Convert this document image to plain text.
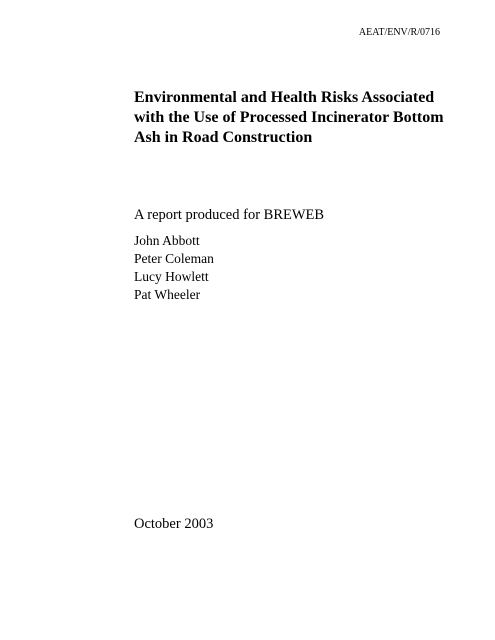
AEAT/ENV/R/0716
Environmental and Health Risks Associated
with the Use of Processed Incinerator Bottom
Ash in Road Construction
A report produced for BREWEB
John Abbott
Peter Coleman
Lucy Howlett
Pat Wheeler
October 2003
